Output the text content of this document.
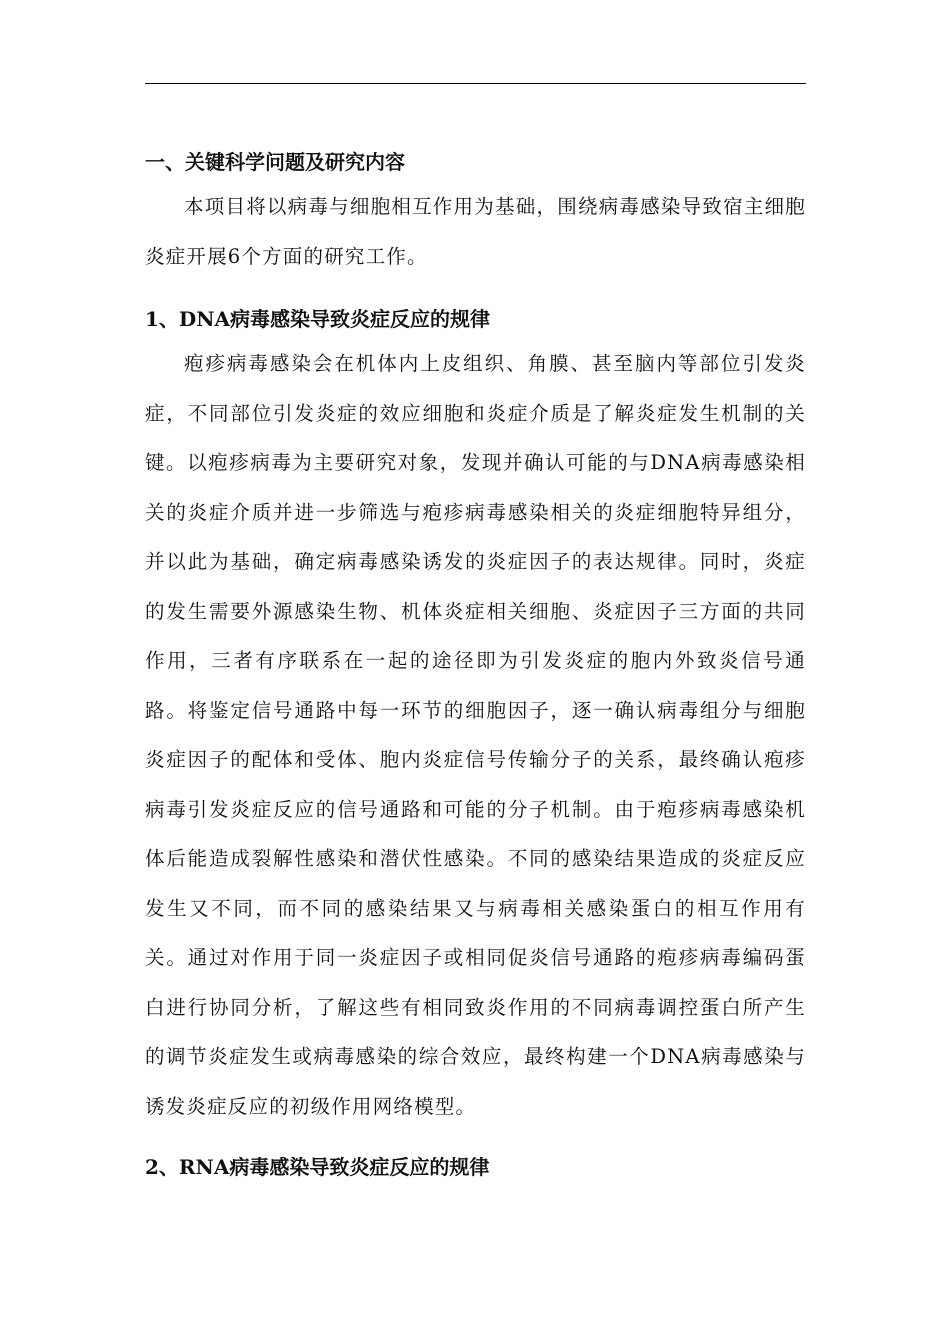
一、关键科学问题及研究内容

本项目将以病毒与细胞相互作用为基础，围绕病毒感染导致宿主细胞炎症开展6个方面的研究工作。

1、DNA病毒感染导致炎症反应的规律

疱疹病毒感染会在机体内上皮组织、角膜、甚至脑内等部位引发炎症，不同部位引发炎症的效应细胞和炎症介质是了解炎症发生机制的关键。以疱疹病毒为主要研究对象，发现并确认可能的与DNA病毒感染相关的炎症介质并进一步筛选与疱疹病毒感染相关的炎症细胞特异组分，并以此为基础，确定病毒感染诱发的炎症因子的表达规律。同时，炎症的发生需要外源感染生物、机体炎症相关细胞、炎症因子三方面的共同作用，三者有序联系在一起的途径即为引发炎症的胞内外致炎信号通路。将鉴定信号通路中每一环节的细胞因子，逐一确认病毒组分与细胞炎症因子的配体和受体、胞内炎症信号传输分子的关系，最终确认疱疹病毒引发炎症反应的信号通路和可能的分子机制。由于疱疹病毒感染机体后能造成裂解性感染和潜伏性感染。不同的感染结果造成的炎症反应发生又不同，而不同的感染结果又与病毒相关感染蛋白的相互作用有关。通过对作用于同一炎症因子或相同促炎信号通路的疱疹病毒编码蛋白进行协同分析，了解这些有相同致炎作用的不同病毒调控蛋白所产生的调节炎症发生或病毒感染的综合效应，最终构建一个DNA病毒感染与诱发炎症反应的初级作用网络模型。

2、RNA病毒感染导致炎症反应的规律
